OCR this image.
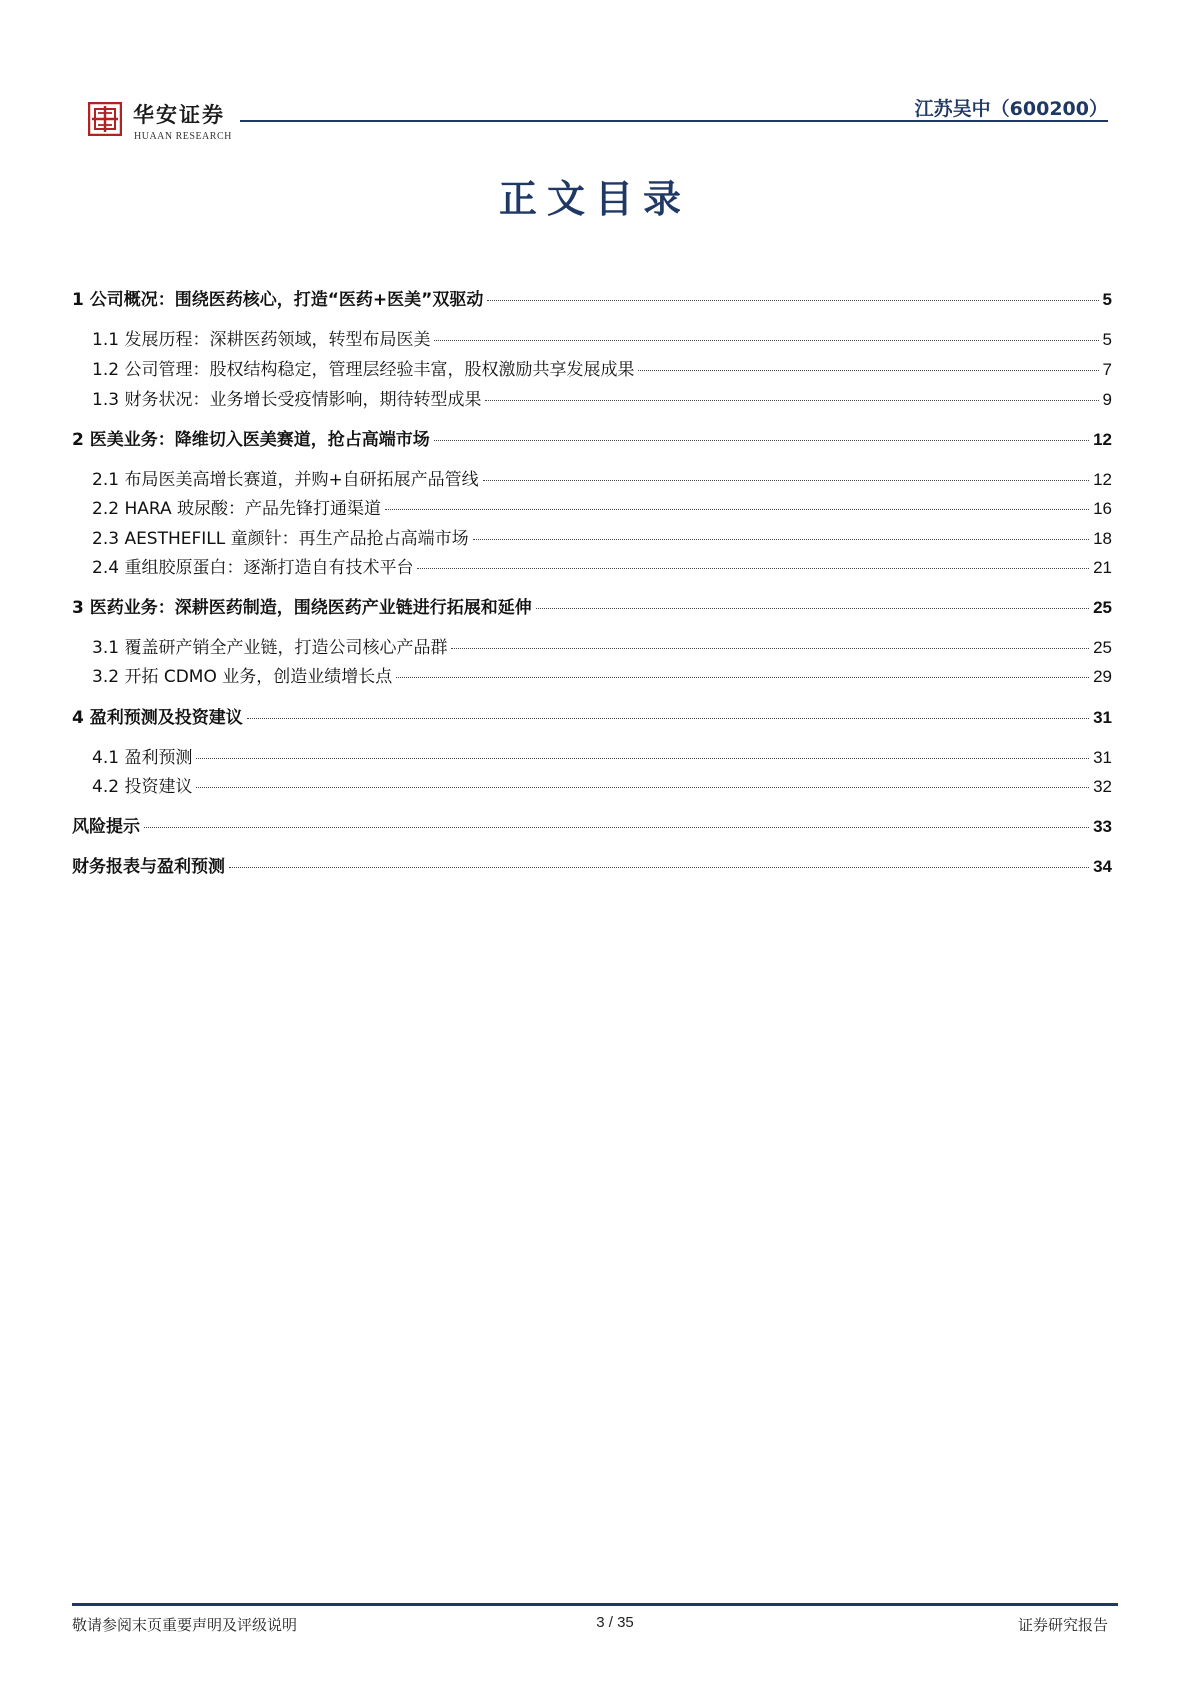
华安证券
HUAAN RESEARCH
江苏吴中（600200）
正文目录
1 公司概况：围绕医药核心，打造“医药+医美”双驱动	5
1.1 发展历程：深耕医药领域，转型布局医美	5
1.2 公司管理：股权结构稳定，管理层经验丰富，股权激励共享发展成果	7
1.3 财务状况：业务增长受疫情影响，期待转型成果	9
2 医美业务：降维切入医美赛道，抢占高端市场	12
2.1 布局医美高增长赛道，并购+自研拓展产品管线	12
2.2 HARA 玻尿酸：产品先锋打通渠道	16
2.3 AESTHEFILL 童颜针：再生产品抢占高端市场	18
2.4 重组胶原蛋白：逐渐打造自有技术平台	21
3 医药业务：深耕医药制造，围绕医药产业链进行拓展和延伸	25
3.1 覆盖研产销全产业链，打造公司核心产品群	25
3.2 开拓 CDMO 业务，创造业绩增长点	29
4 盈利预测及投资建议	31
4.1 盈利预测	31
4.2 投资建议	32
风险提示	33
财务报表与盈利预测	34
敬请参阅末页重要声明及评级说明	3 / 35	证券研究报告
